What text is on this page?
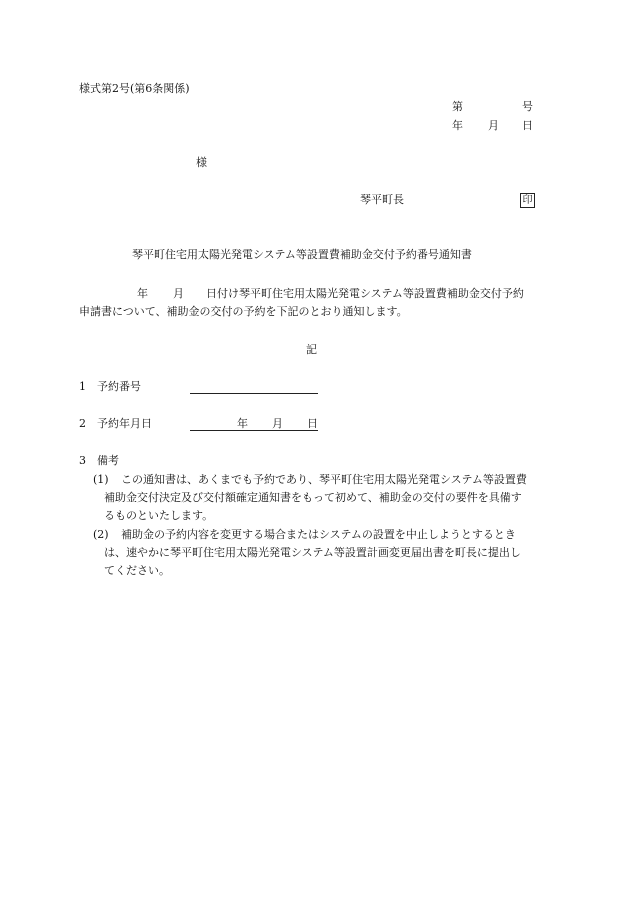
様式第2号(第6条関係)
第	号
年 月 日
様
琴平町長	印
琴平町住宅用太陽光発電システム等設置費補助金交付予約番号通知書
年 月 日付け琴平町住宅用太陽光発電システム等設置費補助金交付予約
申請書について、補助金の交付の予約を下記のとおり通知します。
記
1 予約番号
2 予約年月日	年 月 日
3 備考
(1) この通知書は、あくまでも予約であり、琴平町住宅用太陽光発電システム等設置費
補助金交付決定及び交付額確定通知書をもって初めて、補助金の交付の要件を具備す
るものといたします。
(2) 補助金の予約内容を変更する場合またはシステムの設置を中止しようとするとき
は、速やかに琴平町住宅用太陽光発電システム等設置計画変更届出書を町長に提出し
てください。
